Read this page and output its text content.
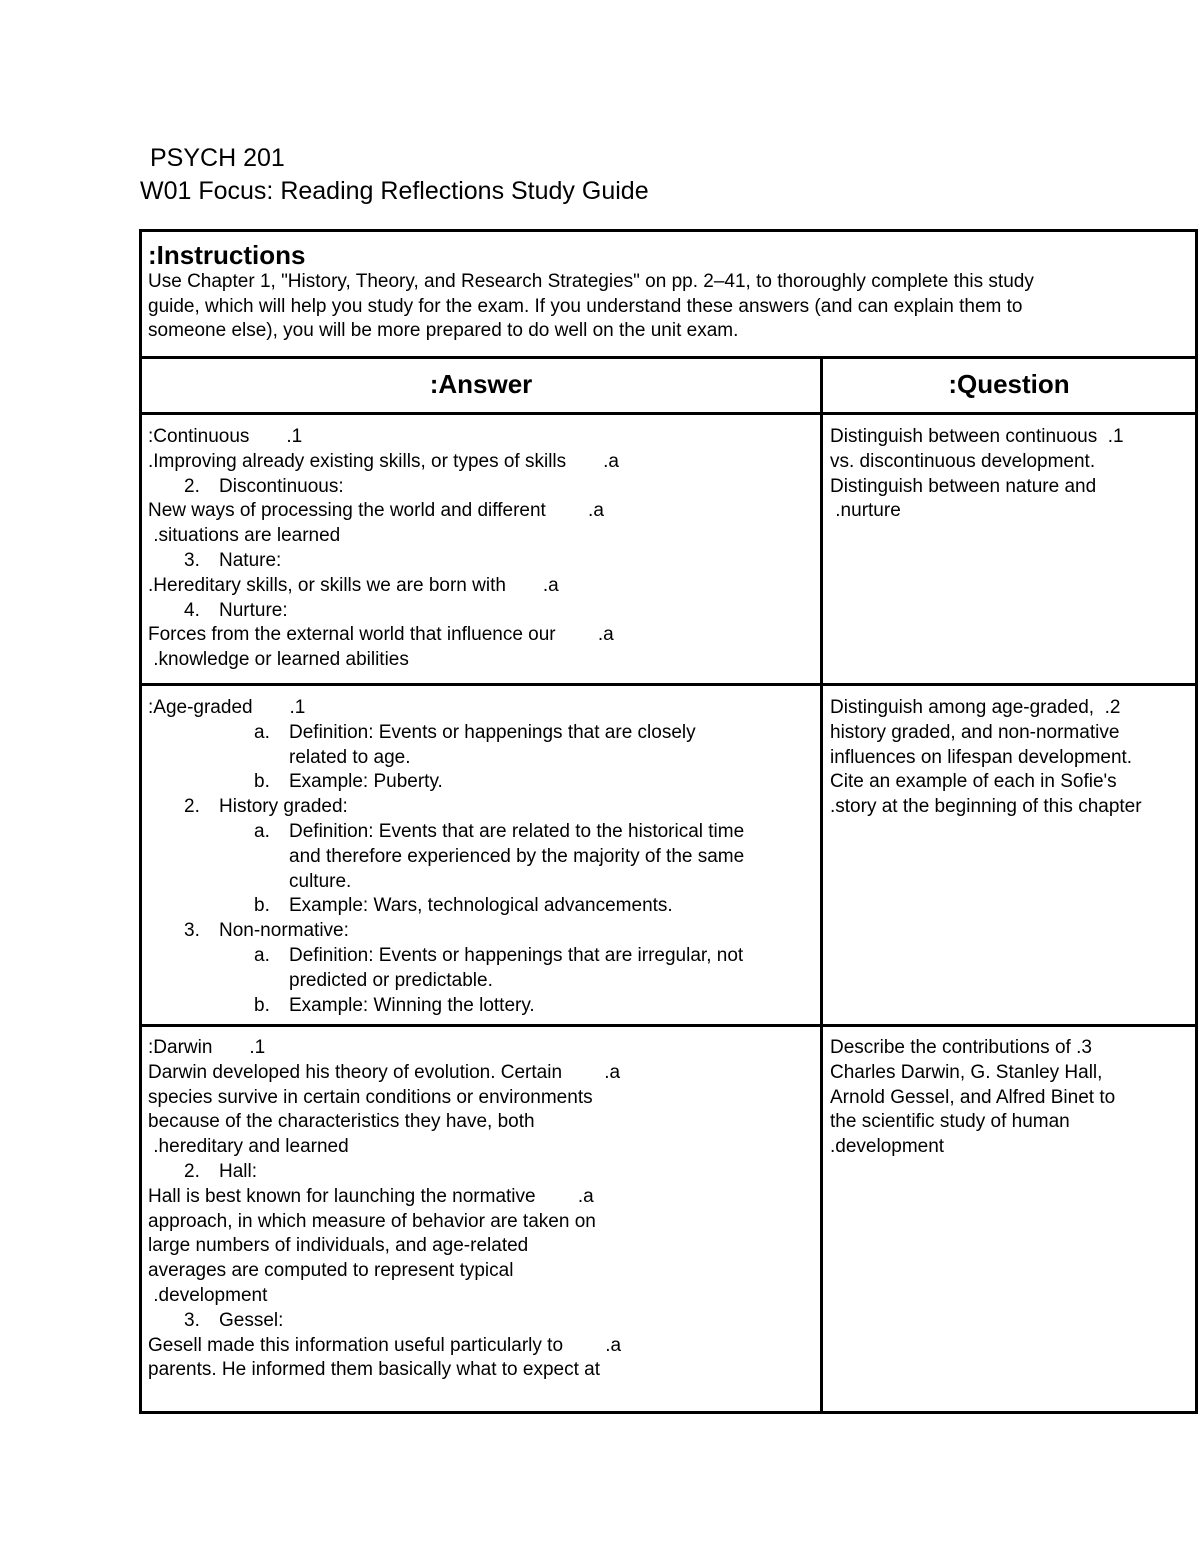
PSYCH 201
W01 Focus: Reading Reflections Study Guide
:Instructions
Use Chapter 1, "History, Theory, and Research Strategies" on pp. 2–41, to thoroughly complete this study
guide, which will help you study for the exam. If you understand these answers (and can explain them to
someone else), you will be more prepared to do well on the unit exam.
:Answer	:Question
:Continuous       .1
.Improving already existing skills, or types of skills       .a
2. Discontinuous:
New ways of processing the world and different        .a
.situations are learned
3. Nature:
.Hereditary skills, or skills we are born with       .a
4. Nurture:
Forces from the external world that influence our        .a
.knowledge or learned abilities
Distinguish between continuous  .1
vs. discontinuous development.
Distinguish between nature and
.nurture
:Age-graded       .1
a. Definition: Events or happenings that are closely
related to age.
b. Example: Puberty.
2. History graded:
a. Definition: Events that are related to the historical time
and therefore experienced by the majority of the same
culture.
b. Example: Wars, technological advancements.
3. Non-normative:
a. Definition: Events or happenings that are irregular, not
predicted or predictable.
b. Example: Winning the lottery.
Distinguish among age-graded,  .2
history graded, and non-normative
influences on lifespan development.
Cite an example of each in Sofie's
.story at the beginning of this chapter
:Darwin       .1
Darwin developed his theory of evolution. Certain        .a
species survive in certain conditions or environments
because of the characteristics they have, both
.hereditary and learned
2. Hall:
Hall is best known for launching the normative        .a
approach, in which measure of behavior are taken on
large numbers of individuals, and age-related
averages are computed to represent typical
.development
3. Gessel:
Gesell made this information useful particularly to        .a
parents. He informed them basically what to expect at
Describe the contributions of .3
Charles Darwin, G. Stanley Hall,
Arnold Gessel, and Alfred Binet to
the scientific study of human
.development
